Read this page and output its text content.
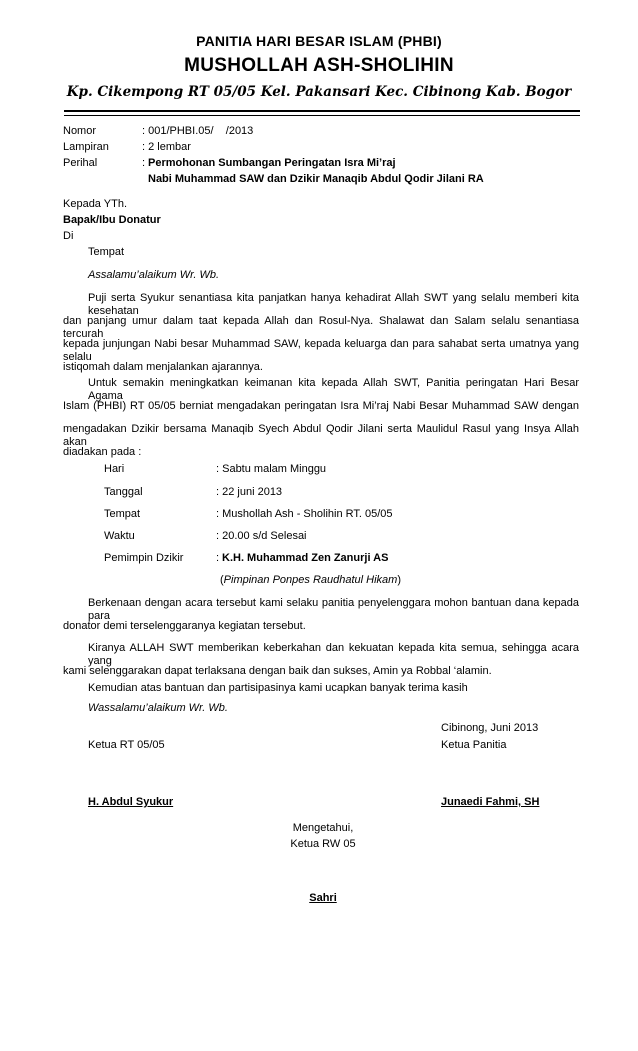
PANITIA HARI BESAR ISLAM (PHBI)
MUSHOLLAH ASH-SHOLIHIN
Kp. Cikempong RT 05/05 Kel. Pakansari Kec. Cibinong Kab. Bogor
Nomor	: 001/PHBI.05/    /2013
Lampiran	: 2 lembar
Perihal	: Permohonan Sumbangan Peringatan Isra Mi’raj
Nabi Muhammad SAW dan Dzikir Manaqib Abdul Qodir Jilani RA
Kepada YTh.
Bapak/Ibu Donatur
Di
Tempat
Assalamu’alaikum Wr. Wb.
Puji serta Syukur senantiasa kita panjatkan hanya kehadirat Allah SWT yang selalu memberi kita kesehatan
dan panjang umur dalam taat kepada Allah dan Rosul-Nya. Shalawat dan Salam selalu senantiasa tercurah
kepada junjungan Nabi besar Muhammad SAW, kepada keluarga dan para sahabat serta umatnya yang selalu
istiqomah dalam menjalankan ajarannya.
Untuk semakin meningkatkan keimanan kita kepada Allah SWT, Panitia peringatan Hari Besar Agama
Islam (PHBI) RT 05/05 berniat mengadakan peringatan Isra Mi’raj Nabi Besar Muhammad SAW dengan
mengadakan Dzikir bersama Manaqib Syech Abdul Qodir Jilani serta Maulidul Rasul yang Insya Allah akan
diadakan pada :
Hari	: Sabtu malam Minggu
Tanggal	: 22 juni 2013
Tempat	: Mushollah Ash - Sholihin RT. 05/05
Waktu	: 20.00 s/d Selesai
Pemimpin Dzikir	: K.H. Muhammad Zen Zanurji AS
(Pimpinan Ponpes Raudhatul Hikam)
Berkenaan dengan acara tersebut kami selaku panitia penyelenggara mohon bantuan dana kepada para
donator demi terselenggaranya kegiatan tersebut.
Kiranya ALLAH SWT memberikan keberkahan dan kekuatan kepada kita semua, sehingga acara yang
kami selenggarakan dapat terlaksana dengan baik dan sukses, Amin ya Robbal ‘alamin.
Kemudian atas bantuan dan partisipasinya kami ucapkan banyak terima kasih
Wassalamu’alaikum Wr. Wb.
Cibinong, Juni 2013
Ketua RT 05/05	Ketua Panitia
H. Abdul Syukur	Junaedi Fahmi, SH
Mengetahui,
Ketua RW 05
Sahri
